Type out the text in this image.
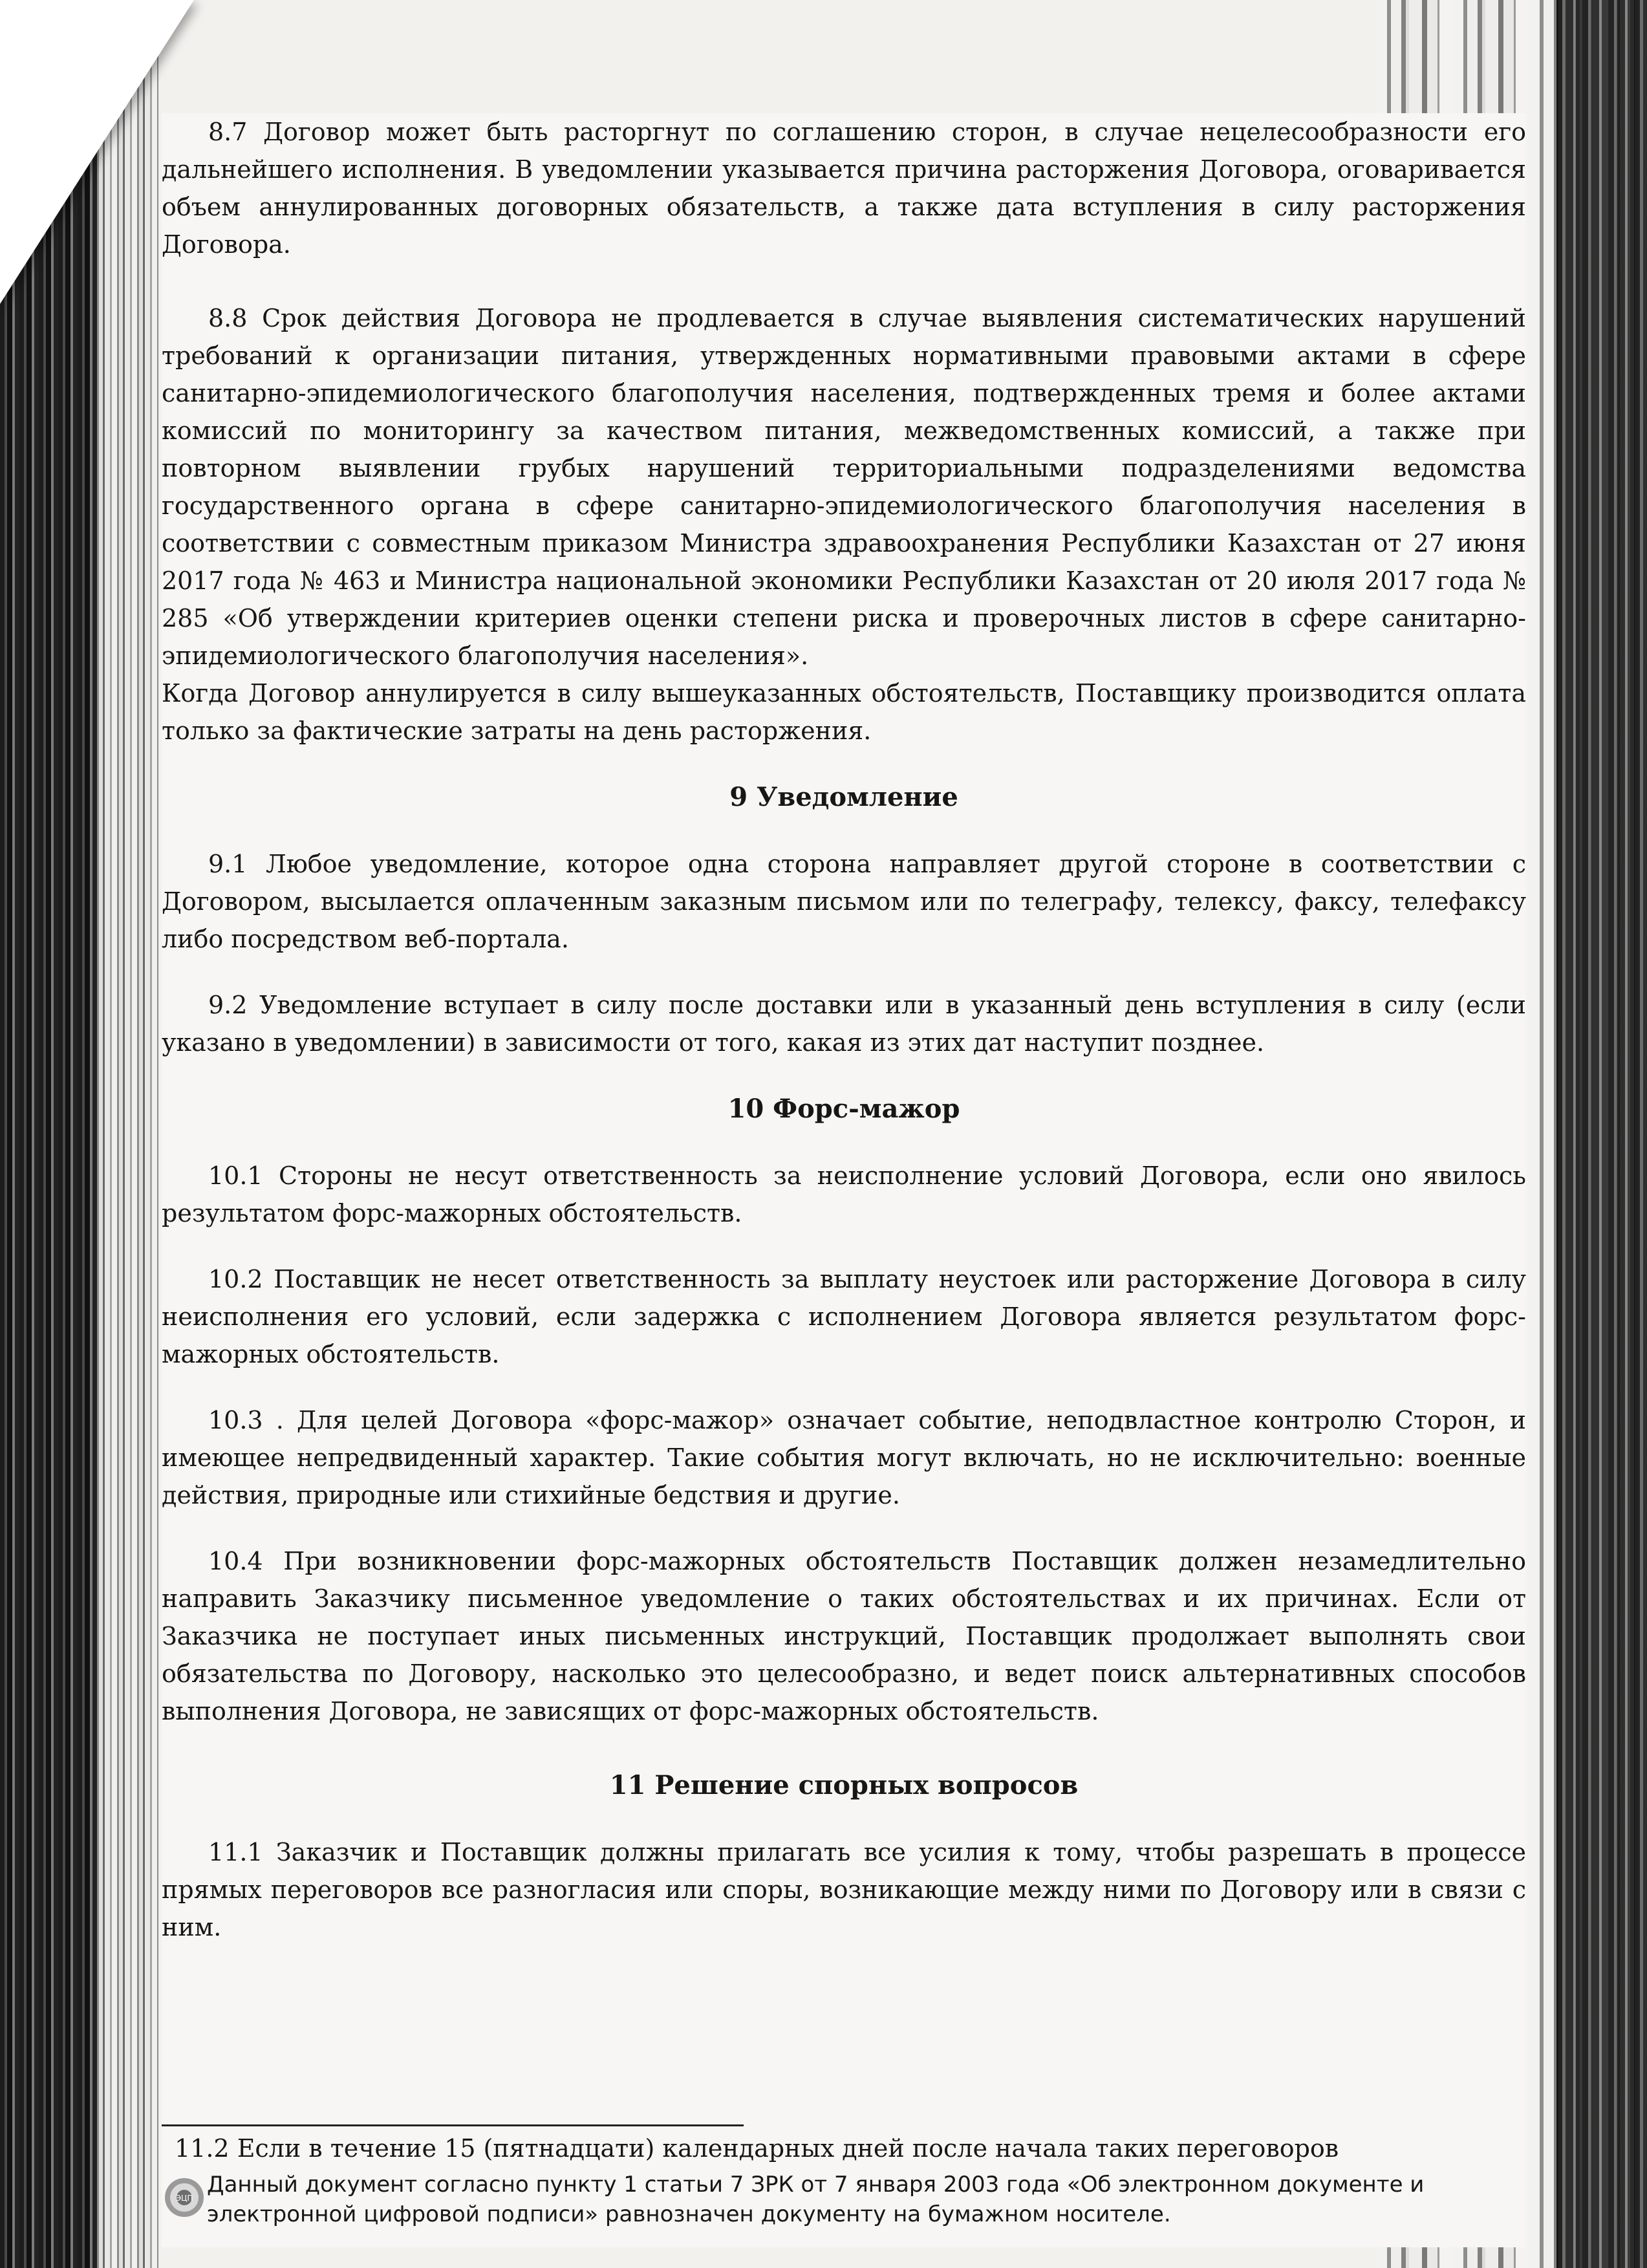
8.7 Договор может быть расторгнут по соглашению сторон, в случае нецелесообразности его дальнейшего исполнения. В уведомлении указывается причина расторжения Договора, оговаривается объем аннулированных договорных обязательств, а также дата вступления в силу расторжения Договора.

8.8 Срок действия Договора не продлевается в случае выявления систематических нарушений требований к организации питания, утвержденных нормативными правовыми актами в сфере санитарно-эпидемиологического благополучия населения, подтвержденных тремя и более актами комиссий по мониторингу за качеством питания, межведомственных комиссий, а также при повторном выявлении грубых нарушений территориальными подразделениями ведомства государственного органа в сфере санитарно-эпидемиологического благополучия населения в соответствии с совместным приказом Министра здравоохранения Республики Казахстан от 27 июня 2017 года № 463 и Министра национальной экономики Республики Казахстан от 20 июля 2017 года № 285 «Об утверждении критериев оценки степени риска и проверочных листов в сфере санитарно-эпидемиологического благополучия населения».

Когда Договор аннулируется в силу вышеуказанных обстоятельств, Поставщику производится оплата только за фактические затраты на день расторжения.

9 Уведомление

9.1 Любое уведомление, которое одна сторона направляет другой стороне в соответствии с Договором, высылается оплаченным заказным письмом или по телеграфу, телексу, факсу, телефаксу либо посредством веб-портала.

9.2 Уведомление вступает в силу после доставки или в указанный день вступления в силу (если указано в уведомлении) в зависимости от того, какая из этих дат наступит позднее.

10 Форс-мажор

10.1 Стороны не несут ответственность за неисполнение условий Договора, если оно явилось результатом форс-мажорных обстоятельств.

10.2 Поставщик не несет ответственность за выплату неустоек или расторжение Договора в силу неисполнения его условий, если задержка с исполнением Договора является результатом форс-мажорных обстоятельств.

10.3 . Для целей Договора «форс-мажор» означает событие, неподвластное контролю Сторон, и имеющее непредвиденный характер. Такие события могут включать, но не исключительно: военные действия, природные или стихийные бедствия и другие.

10.4 При возникновении форс-мажорных обстоятельств Поставщик должен незамедлительно направить Заказчику письменное уведомление о таких обстоятельствах и их причинах. Если от Заказчика не поступает иных письменных инструкций, Поставщик продолжает выполнять свои обязательства по Договору, насколько это целесообразно, и ведет поиск альтернативных способов выполнения Договора, не зависящих от форс-мажорных обстоятельств.

11 Решение спорных вопросов

11.1 Заказчик и Поставщик должны прилагать все усилия к тому, чтобы разрешать в процессе прямых переговоров все разногласия или споры, возникающие между ними по Договору или в связи с ним.

11.2 Если в течение 15 (пятнадцати) календарных дней после начала таких переговоров
ЭЦП
Данный документ согласно пункту 1 статьи 7 ЗРК от 7 января 2003 года «Об электронном документе и электронной цифровой подписи» равнозначен документу на бумажном носителе.
